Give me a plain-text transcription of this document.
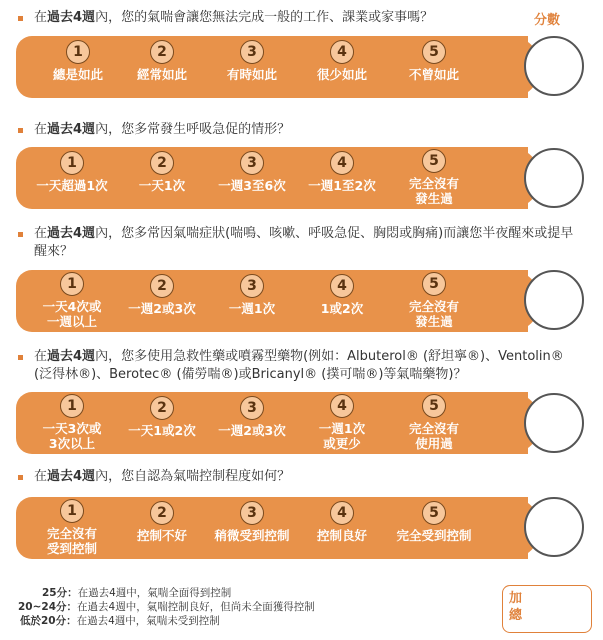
分數
在過去4週內，您的氣喘會讓您無法完成一般的工作、課業或家事嗎？
1
總是如此
2
經常如此
3
有時如此
4
很少如此
5
不曾如此
在過去4週內，您多常發生呼吸急促的情形？
1
一天超過1次
2
一天1次
3
一週3至6次
4
一週1至2次
5
完全沒有
發生過
在過去4週內，您多常因氣喘症狀(喘鳴、咳嗽、呼吸急促、胸悶或胸痛)而讓您半夜醒來或提早醒來？
1
一天4次或
一週以上
2
一週2或3次
3
一週1次
4
1或2次
5
完全沒有
發生過
在過去4週內，您多使用急救性藥或噴霧型藥物(例如：Albuterol® (舒坦寧®)、Ventolin® (泛得林®)、Berotec® (備勞喘®)或Bricanyl® (撲可喘®)等氣喘藥物)？
1
一天3次或
3次以上
2
一天1或2次
3
一週2或3次
4
一週1次
或更少
5
完全沒有
使用過
在過去4週內，您自認為氣喘控制程度如何？
1
完全沒有
受到控制
2
控制不好
3
稍微受到控制
4
控制良好
5
完全受到控制
25分：在過去4週中，氣喘全面得到控制
20~24分：在過去4週中，氣喘控制良好，但尚未全面獲得控制
低於20分：在過去4週中，氣喘未受到控制
加總
